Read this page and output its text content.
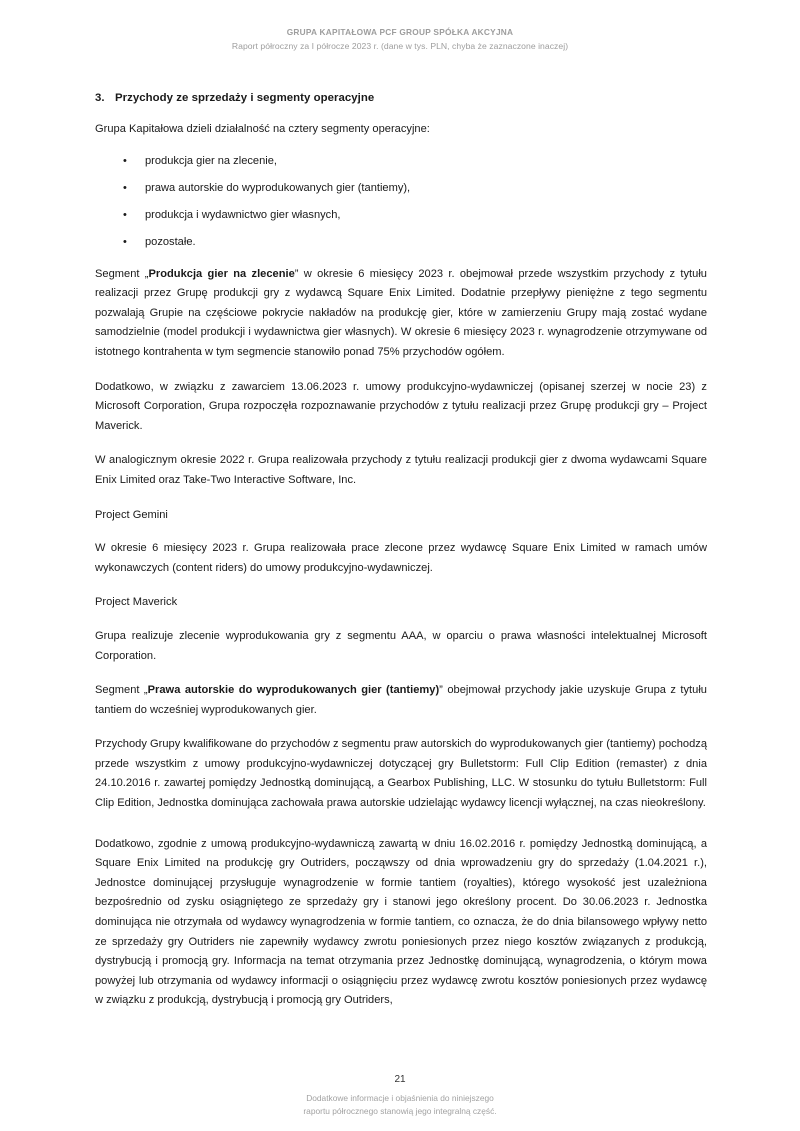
GRUPA KAPITAŁOWA PCF GROUP SPÓŁKA AKCYJNA
Raport półroczny za I półrocze 2023 r. (dane w tys. PLN, chyba że zaznaczone inaczej)
3. Przychody ze sprzedaży i segmenty operacyjne

Grupa Kapitałowa dzieli działalność na cztery segmenty operacyjne:

• produkcja gier na zlecenie,
• prawa autorskie do wyprodukowanych gier (tantiemy),
• produkcja i wydawnictwo gier własnych,
• pozostałe.

Segment „Produkcja gier na zlecenie” w okresie 6 miesięcy 2023 r. obejmował przede wszystkim przychody z tytułu realizacji przez Grupę produkcji gry z wydawcą Square Enix Limited. Dodatnie przepływy pieniężne z tego segmentu pozwalają Grupie na częściowe pokrycie nakładów na produkcję gier, które w zamierzeniu Grupy mają zostać wydane samodzielnie (model produkcji i wydawnictwa gier własnych). W okresie 6 miesięcy 2023 r. wynagrodzenie otrzymywane od istotnego kontrahenta w tym segmencie stanowiło ponad 75% przychodów ogółem.

Dodatkowo, w związku z zawarciem 13.06.2023 r. umowy produkcyjno-wydawniczej (opisanej szerzej w nocie 23) z Microsoft Corporation, Grupa rozpoczęła rozpoznawanie przychodów z tytułu realizacji przez Grupę produkcji gry – Project Maverick.

W analogicznym okresie 2022 r. Grupa realizowała przychody z tytułu realizacji produkcji gier z dwoma wydawcami Square Enix Limited oraz Take-Two Interactive Software, Inc.

Project Gemini

W okresie 6 miesięcy 2023 r. Grupa realizowała prace zlecone przez wydawcę Square Enix Limited w ramach umów wykonawczych (content riders) do umowy produkcyjno-wydawniczej.

Project Maverick

Grupa realizuje zlecenie wyprodukowania gry z segmentu AAA, w oparciu o prawa własności intelektualnej Microsoft Corporation.

Segment „Prawa autorskie do wyprodukowanych gier (tantiemy)” obejmował przychody jakie uzyskuje Grupa z tytułu tantiem do wcześniej wyprodukowanych gier.

Przychody Grupy kwalifikowane do przychodów z segmentu praw autorskich do wyprodukowanych gier (tantiemy) pochodzą przede wszystkim z umowy produkcyjno-wydawniczej dotyczącej gry Bulletstorm: Full Clip Edition (remaster) z dnia 24.10.2016 r. zawartej pomiędzy Jednostką dominującą, a Gearbox Publishing, LLC. W stosunku do tytułu Bulletstorm: Full Clip Edition, Jednostka dominująca zachowała prawa autorskie udzielając wydawcy licencji wyłącznej, na czas nieokreślony.

Dodatkowo, zgodnie z umową produkcyjno-wydawniczą zawartą w dniu 16.02.2016 r. pomiędzy Jednostką dominującą, a Square Enix Limited na produkcję gry Outriders, począwszy od dnia wprowadzeniu gry do sprzedaży (1.04.2021 r.), Jednostce dominującej przysługuje wynagrodzenie w formie tantiem (royalties), którego wysokość jest uzależniona bezpośrednio od zysku osiągniętego ze sprzedaży gry i stanowi jego określony procent. Do 30.06.2023 r. Jednostka dominująca nie otrzymała od wydawcy wynagrodzenia w formie tantiem, co oznacza, że do dnia bilansowego wpływy netto ze sprzedaży gry Outriders nie zapewniły wydawcy zwrotu poniesionych przez niego kosztów związanych z produkcją, dystrybucją i promocją gry. Informacja na temat otrzymania przez Jednostkę dominującą, wynagrodzenia, o którym mowa powyżej lub otrzymania od wydawcy informacji o osiągnięciu przez wydawcę zwrotu kosztów poniesionych przez wydawcę w związku z produkcją, dystrybucją i promocją gry Outriders,

21
Dodatkowe informacje i objaśnienia do niniejszego
raportu półrocznego stanowią jego integralną część.
